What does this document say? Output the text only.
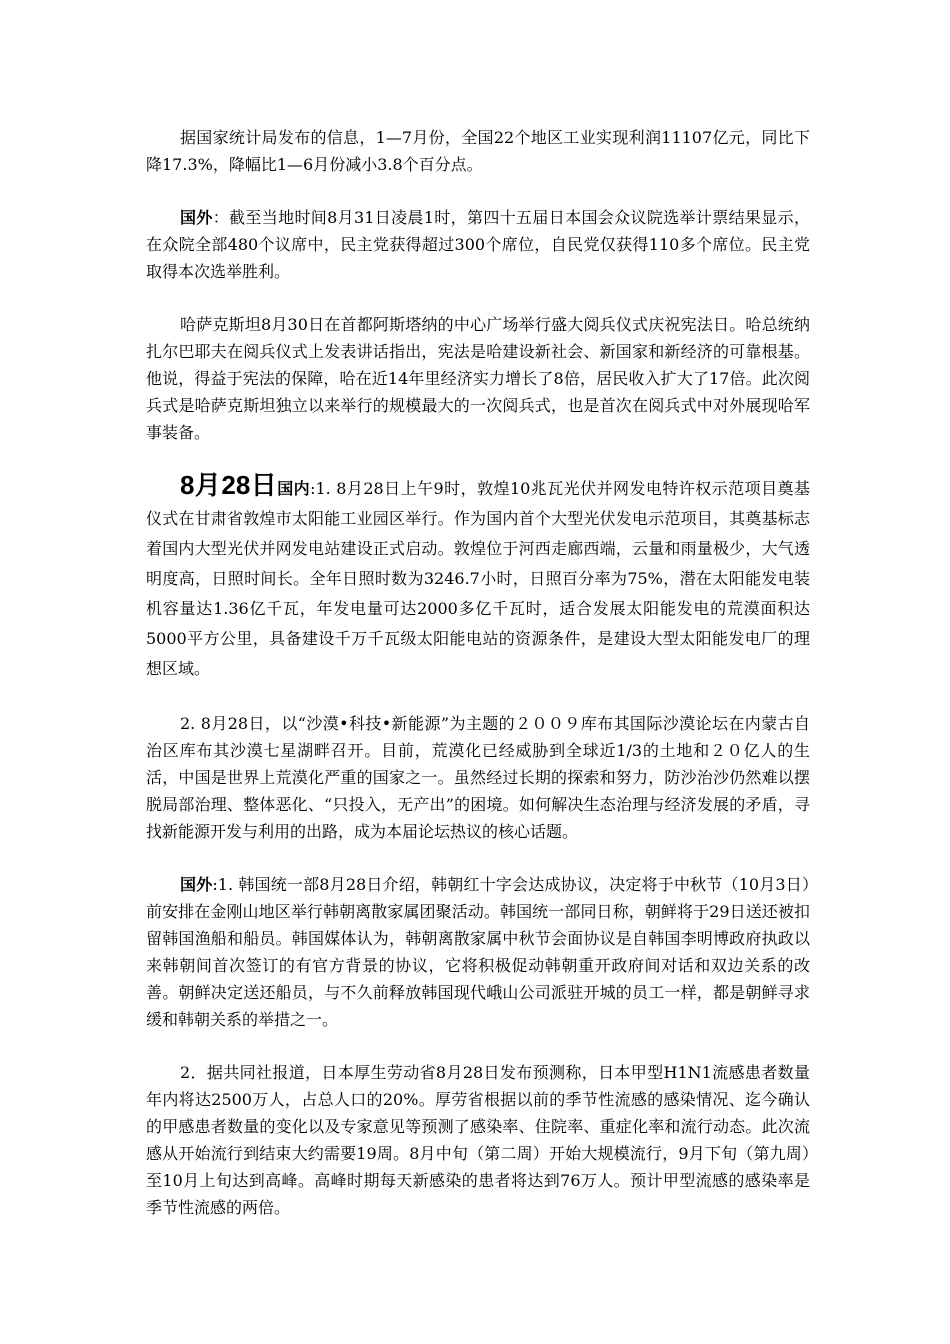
据国家统计局发布的信息，1—7月份，全国22个地区工业实现利润11107亿元，同比下降17.3%，降幅比1—6月份减小3.8个百分点。

国外：截至当地时间8月31日凌晨1时，第四十五届日本国会众议院选举计票结果显示，在众院全部480个议席中，民主党获得超过300个席位，自民党仅获得110多个席位。民主党取得本次选举胜利。

哈萨克斯坦8月30日在首都阿斯塔纳的中心广场举行盛大阅兵仪式庆祝宪法日。哈总统纳扎尔巴耶夫在阅兵仪式上发表讲话指出，宪法是哈建设新社会、新国家和新经济的可靠根基。他说，得益于宪法的保障，哈在近14年里经济实力增长了8倍，居民收入扩大了17倍。此次阅兵式是哈萨克斯坦独立以来举行的规模最大的一次阅兵式，也是首次在阅兵式中对外展现哈军事装备。

8月28日国内:1. 8月28日上午9时，敦煌10兆瓦光伏并网发电特许权示范项目奠基仪式在甘肃省敦煌市太阳能工业园区举行。作为国内首个大型光伏发电示范项目，其奠基标志着国内大型光伏并网发电站建设正式启动。敦煌位于河西走廊西端，云量和雨量极少，大气透明度高，日照时间长。全年日照时数为3246.7小时，日照百分率为75%，潜在太阳能发电装机容量达1.36亿千瓦，年发电量可达2000多亿千瓦时，适合发展太阳能发电的荒漠面积达5000平方公里，具备建设千万千瓦级太阳能电站的资源条件，是建设大型太阳能发电厂的理想区域。

2. 8月28日，以“沙漠•科技•新能源”为主题的２００９库布其国际沙漠论坛在内蒙古自治区库布其沙漠七星湖畔召开。目前，荒漠化已经威胁到全球近1/3的土地和２０亿人的生活，中国是世界上荒漠化严重的国家之一。虽然经过长期的探索和努力，防沙治沙仍然难以摆脱局部治理、整体恶化、“只投入，无产出”的困境。如何解决生态治理与经济发展的矛盾，寻找新能源开发与利用的出路，成为本届论坛热议的核心话题。

国外:1. 韩国统一部8月28日介绍，韩朝红十字会达成协议，决定将于中秋节（10月3日）前安排在金刚山地区举行韩朝离散家属团聚活动。韩国统一部同日称，朝鲜将于29日送还被扣留韩国渔船和船员。韩国媒体认为，韩朝离散家属中秋节会面协议是自韩国李明博政府执政以来韩朝间首次签订的有官方背景的协议，它将积极促动韩朝重开政府间对话和双边关系的改善。朝鲜决定送还船员，与不久前释放韩国现代峨山公司派驻开城的员工一样，都是朝鲜寻求缓和韩朝关系的举措之一。

2．据共同社报道，日本厚生劳动省8月28日发布预测称，日本甲型H1N1流感患者数量年内将达2500万人，占总人口的20%。厚劳省根据以前的季节性流感的感染情况、迄今确认的甲感患者数量的变化以及专家意见等预测了感染率、住院率、重症化率和流行动态。此次流感从开始流行到结束大约需要19周。8月中旬（第二周）开始大规模流行，9月下旬（第九周）至10月上旬达到高峰。高峰时期每天新感染的患者将达到76万人。预计甲型流感的感染率是季节性流感的两倍。
